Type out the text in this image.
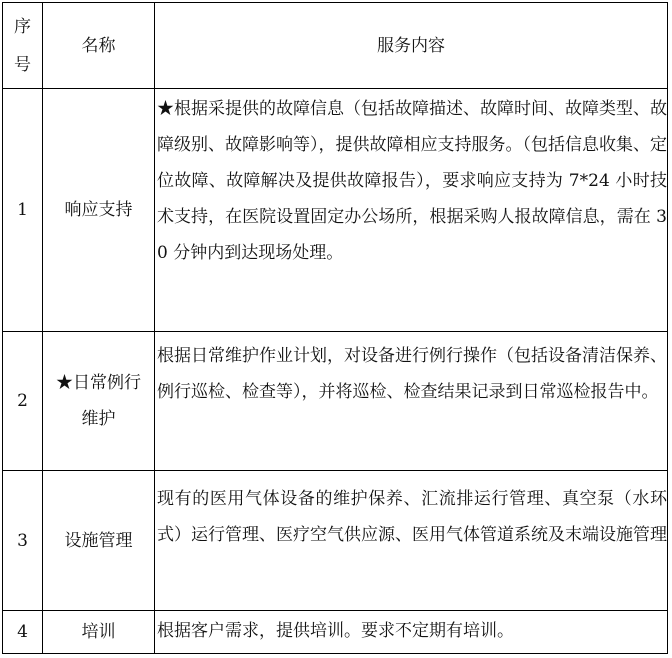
序
号
名称	服务内容
1 响应支持
★根据采提供的故障信息（包括故障描述、故障时间、故障类型、故障级别、故障影响等），提供故障相应支持服务。（包括信息收集、定位故障、故障解决及提供故障报告），要求响应支持为 7*24 小时技术支持，在医院设置固定办公场所，根据采购人报故障信息，需在 30 分钟内到达现场处理。
2
★日常例行
维护
根据日常维护作业计划，对设备进行例行操作（包括设备清洁保养、例行巡检、检查等），并将巡检、检查结果记录到日常巡检报告中。
3 设施管理
现有的医用气体设备的维护保养、汇流排运行管理、真空泵（水环式）运行管理、医疗空气供应源、医用气体管道系统及末端设施管理
4	培训 根据客户需求，提供培训。要求不定期有培训。
